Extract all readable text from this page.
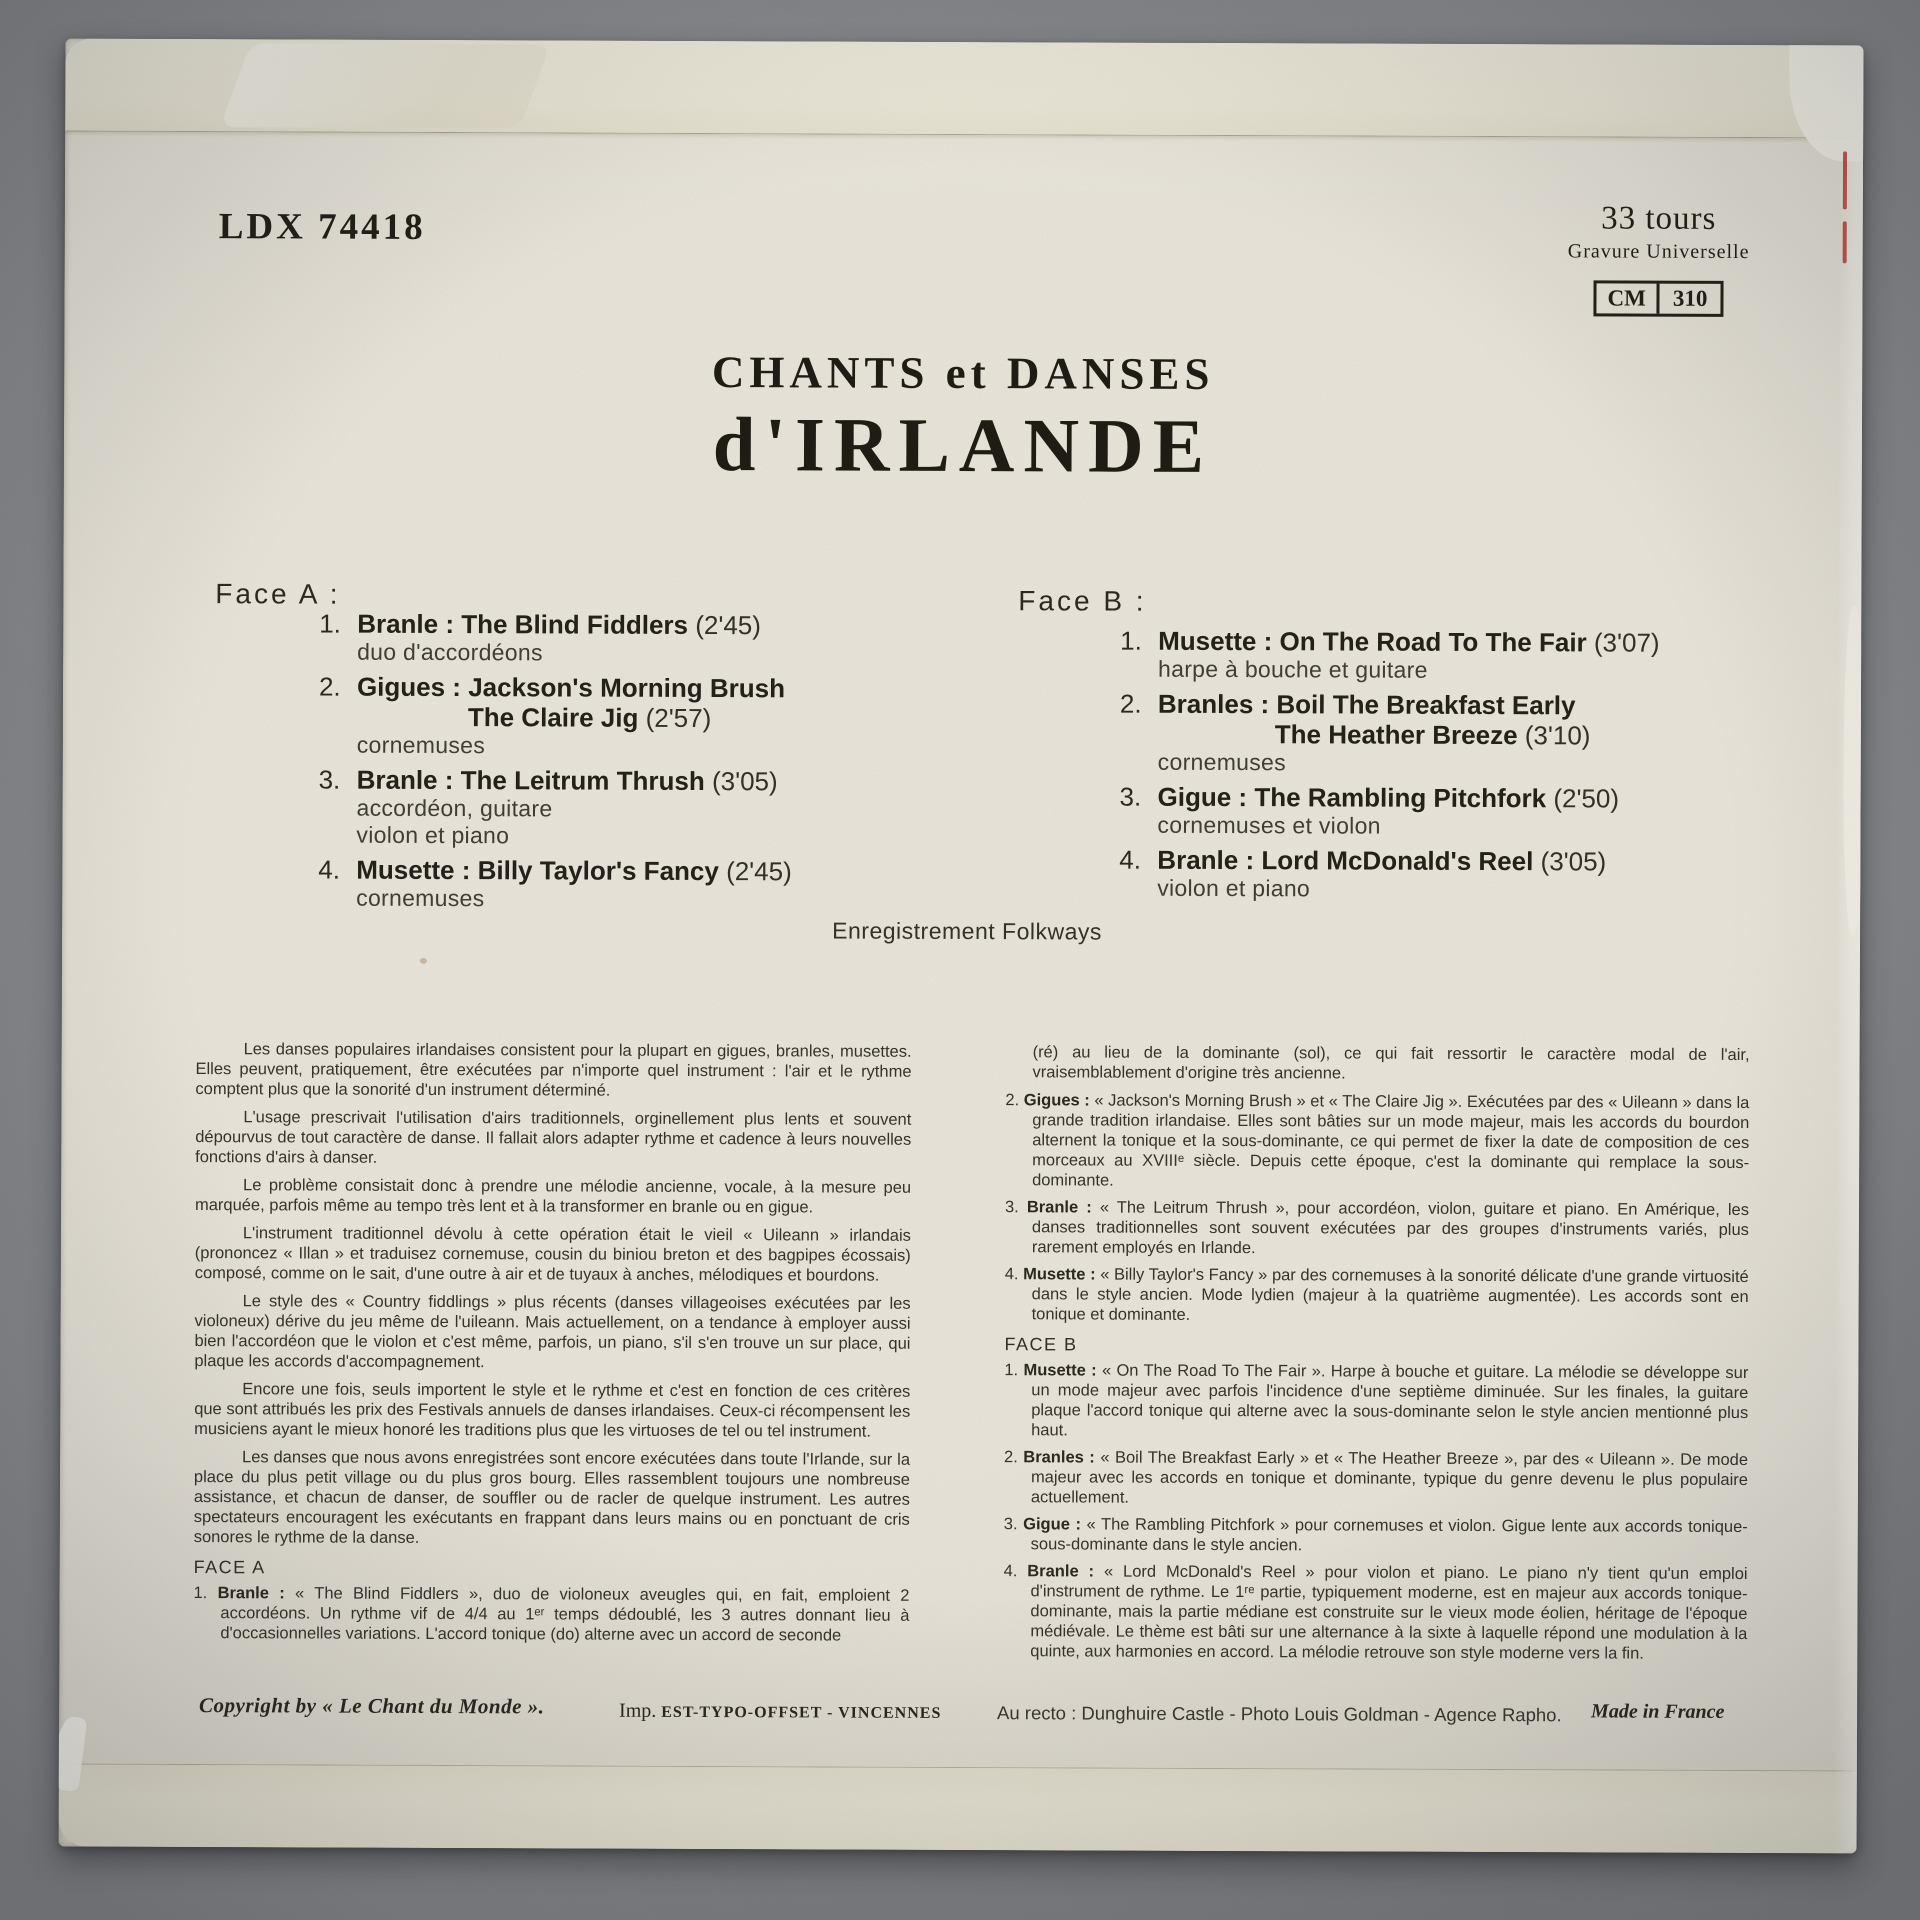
LDX 74418	33 tours
Gravure Universelle
CM	310
CHANTS et DANSES
d'IRLANDE
Face A :
1. Branle : The Blind Fiddlers (2'45)
duo d'accordéons
2. Gigues : Jackson's Morning Brush
The Claire Jig (2'57)
cornemuses
3. Branle : The Leitrum Thrush (3'05)
accordéon, guitare
violon et piano
4. Musette : Billy Taylor's Fancy (2'45)
cornemuses
Face B :
1. Musette : On The Road To The Fair (3'07)
harpe à bouche et guitare
2. Branles : Boil The Breakfast Early
The Heather Breeze (3'10)
cornemuses
3. Gigue : The Rambling Pitchfork (2'50)
cornemuses et violon
4. Branle : Lord McDonald's Reel (3'05)
violon et piano
Enregistrement Folkways

Les danses populaires irlandaises consistent pour la plupart en gigues, branles, musettes. Elles peuvent, pratiquement, être exécutées par n'importe quel instrument : l'air et le rythme comptent plus que la sonorité d'un instrument déterminé.

L'usage prescrivait l'utilisation d'airs traditionnels, orginellement plus lents et souvent dépourvus de tout caractère de danse. Il fallait alors adapter rythme et cadence à leurs nouvelles fonctions d'airs à danser.

Le problème consistait donc à prendre une mélodie ancienne, vocale, à la mesure peu marquée, parfois même au tempo très lent et à la transformer en branle ou en gigue.

L'instrument traditionnel dévolu à cette opération était le vieil « Uileann » irlandais (prononcez « Illan » et traduisez cornemuse, cousin du biniou breton et des bagpipes écossais) composé, comme on le sait, d'une outre à air et de tuyaux à anches, mélodiques et bourdons.

Le style des « Country fiddlings » plus récents (danses villageoises exécutées par les violoneux) dérive du jeu même de l'uileann. Mais actuellement, on a tendance à employer aussi bien l'accordéon que le violon et c'est même, parfois, un piano, s'il s'en trouve un sur place, qui plaque les accords d'accompagnement.

Encore une fois, seuls importent le style et le rythme et c'est en fonction de ces critères que sont attribués les prix des Festivals annuels de danses irlandaises. Ceux-ci récompensent les musiciens ayant le mieux honoré les traditions plus que les virtuoses de tel ou tel instrument.

Les danses que nous avons enregistrées sont encore exécutées dans toute l'Irlande, sur la place du plus petit village ou du plus gros bourg. Elles rassemblent toujours une nombreuse assistance, et chacun de danser, de souffler ou de racler de quelque instrument. Les autres spectateurs encouragent les exécutants en frappant dans leurs mains ou en ponctuant de cris sonores le rythme de la danse.

FACE A

1. Branle : « The Blind Fiddlers », duo de violoneux aveugles qui, en fait, emploient 2 accordéons. Un rythme vif de 4/4 au 1ᵉʳ temps dédoublé, les 3 autres donnant lieu à d'occasionnelles variations. L'accord tonique (do) alterne avec un accord de seconde

(ré) au lieu de la dominante (sol), ce qui fait ressortir le caractère modal de l'air, vraisemblablement d'origine très ancienne.

2. Gigues : « Jackson's Morning Brush » et « The Claire Jig ». Exécutées par des « Uileann » dans la grande tradition irlandaise. Elles sont bâties sur un mode majeur, mais les accords du bourdon alternent la tonique et la sous-dominante, ce qui permet de fixer la date de composition de ces morceaux au XVIIIᵉ siècle. Depuis cette époque, c'est la dominante qui remplace la sous-dominante.

3. Branle : « The Leitrum Thrush », pour accordéon, violon, guitare et piano. En Amérique, les danses traditionnelles sont souvent exécutées par des groupes d'instruments variés, plus rarement employés en Irlande.

4. Musette : « Billy Taylor's Fancy » par des cornemuses à la sonorité délicate d'une grande virtuosité dans le style ancien. Mode lydien (majeur à la quatrième augmentée). Les accords sont en tonique et dominante.

FACE B

1. Musette : « On The Road To The Fair ». Harpe à bouche et guitare. La mélodie se développe sur un mode majeur avec parfois l'incidence d'une septième diminuée. Sur les finales, la guitare plaque l'accord tonique qui alterne avec la sous-dominante selon le style ancien mentionné plus haut.

2. Branles : « Boil The Breakfast Early » et « The Heather Breeze », par des « Uileann ». De mode majeur avec les accords en tonique et dominante, typique du genre devenu le plus populaire actuellement.

3. Gigue : « The Rambling Pitchfork » pour cornemuses et violon. Gigue lente aux accords tonique-sous-dominante dans le style ancien.

4. Branle : « Lord McDonald's Reel » pour violon et piano. Le piano n'y tient qu'un emploi d'instrument de rythme. Le 1ʳᵉ partie, typiquement moderne, est en majeur aux accords tonique-dominante, mais la partie médiane est construite sur le vieux mode éolien, héritage de l'époque médiévale. Le thème est bâti sur une alternance à la sixte à laquelle répond une modulation à la quinte, aux harmonies en accord. La mélodie retrouve son style moderne vers la fin.

Copyright by « Le Chant du Monde ».	Imp. EST-TYPO-OFFSET - VINCENNES	Au recto : Dunghuire Castle - Photo Louis Goldman - Agence Rapho. Made in France
